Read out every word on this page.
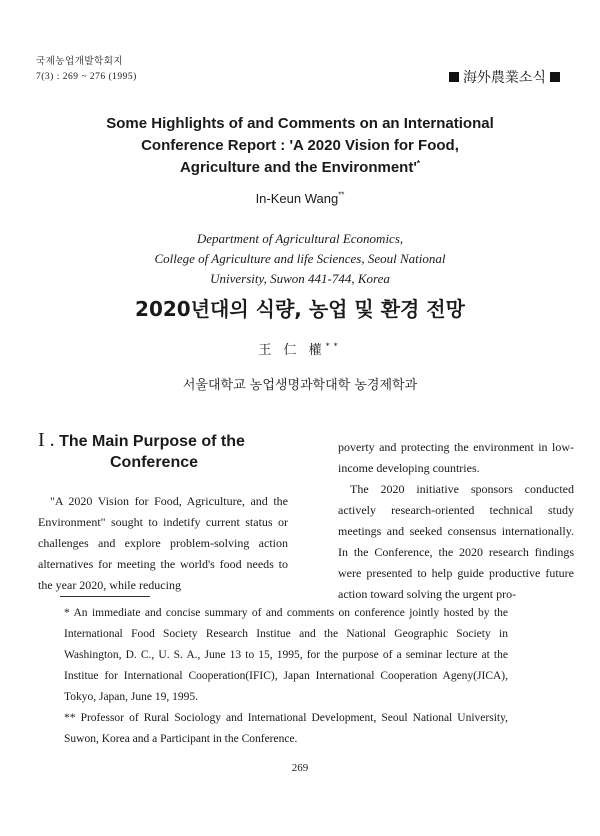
국제농업개발학회지
7(3) : 269 ~ 276 (1995)	海外農業소식
Some Highlights of and Comments on an International
Conference Report : 'A 2020 Vision for Food,
Agriculture and the Environment'*
In-Keun Wang**
Department of Agricultural Economics,
College of Agriculture and life Sciences, Seoul National
University, Suwon 441-744, Korea
2020년대의 식량, 농업 및 환경 전망
王 仁 權**
서울대학교 농업생명과학대학 농경제학과
I . The Main Purpose of the
Conference

"A 2020 Vision for Food, Agriculture, and the Environment" sought to indetify current status or challenges and explore problem-solving action alternatives for meeting the world's food needs to the year 2020, while reducing

poverty and protecting the environment in low-income developing countries.

The 2020 initiative sponsors conducted actively research-oriented technical study meetings and seeked consensus internationally. In the Conference, the 2020 research findings were presented to help guide productive future action toward solving the urgent pro-

* An immediate and concise summary of and comments on conference jointly hosted by the International Food Society Research Institue and the National Geographic Society in Washington, D. C., U. S. A., June 13 to 15, 1995, for the purpose of a seminar lecture at the Institue for International Cooperation(IFIC), Japan International Cooperation Ageny(JICA), Tokyo, Japan, June 19, 1995.

** Professor of Rural Sociology and International Development, Seoul National University, Suwon, Korea and a Participant in the Conference.

269
